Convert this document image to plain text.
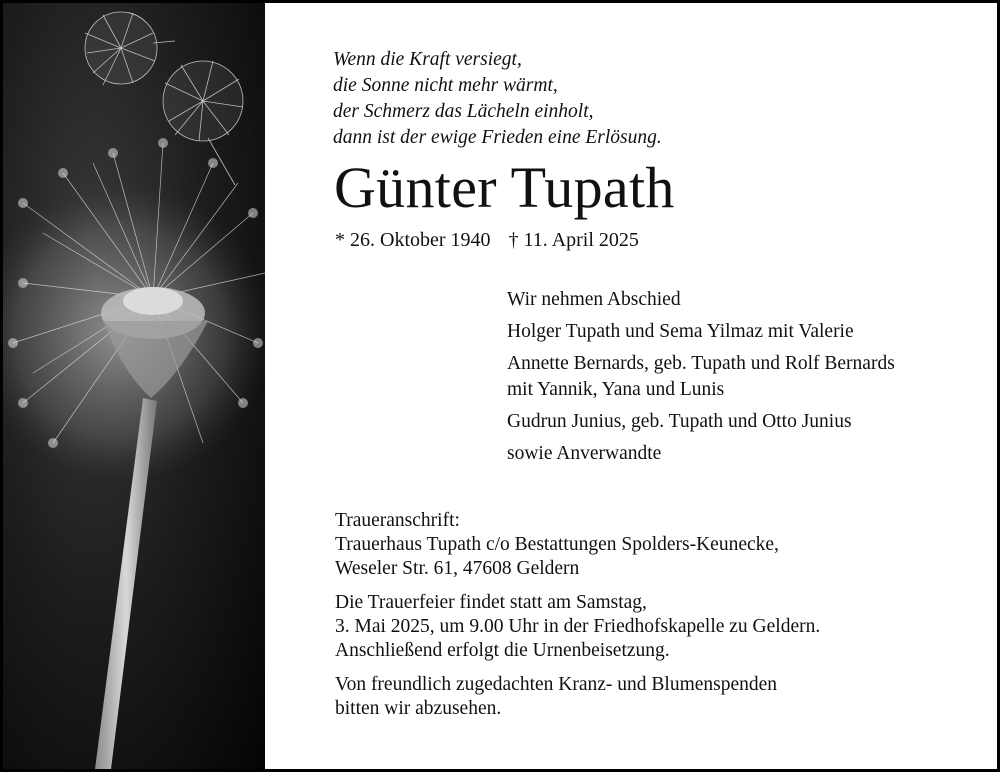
Wenn die Kraft versiegt,
die Sonne nicht mehr wärmt,
der Schmerz das Lächeln einholt,
dann ist der ewige Frieden eine Erlösung.
Günter Tupath
* 26. Oktober 1940 † 11. April 2025
Wir nehmen Abschied
Holger Tupath und Sema Yilmaz mit Valerie
Annette Bernards, geb. Tupath und Rolf Bernards
mit Yannik, Yana und Lunis
Gudrun Junius, geb. Tupath und Otto Junius
sowie Anverwandte
Traueranschrift:
Trauerhaus Tupath c/o Bestattungen Spolders-Keunecke,
Weseler Str. 61, 47608 Geldern
Die Trauerfeier findet statt am Samstag,
3. Mai 2025, um 9.00 Uhr in der Friedhofskapelle zu Geldern.
Anschließend erfolgt die Urnenbeisetzung.
Von freundlich zugedachten Kranz- und Blumenspenden
bitten wir abzusehen.
